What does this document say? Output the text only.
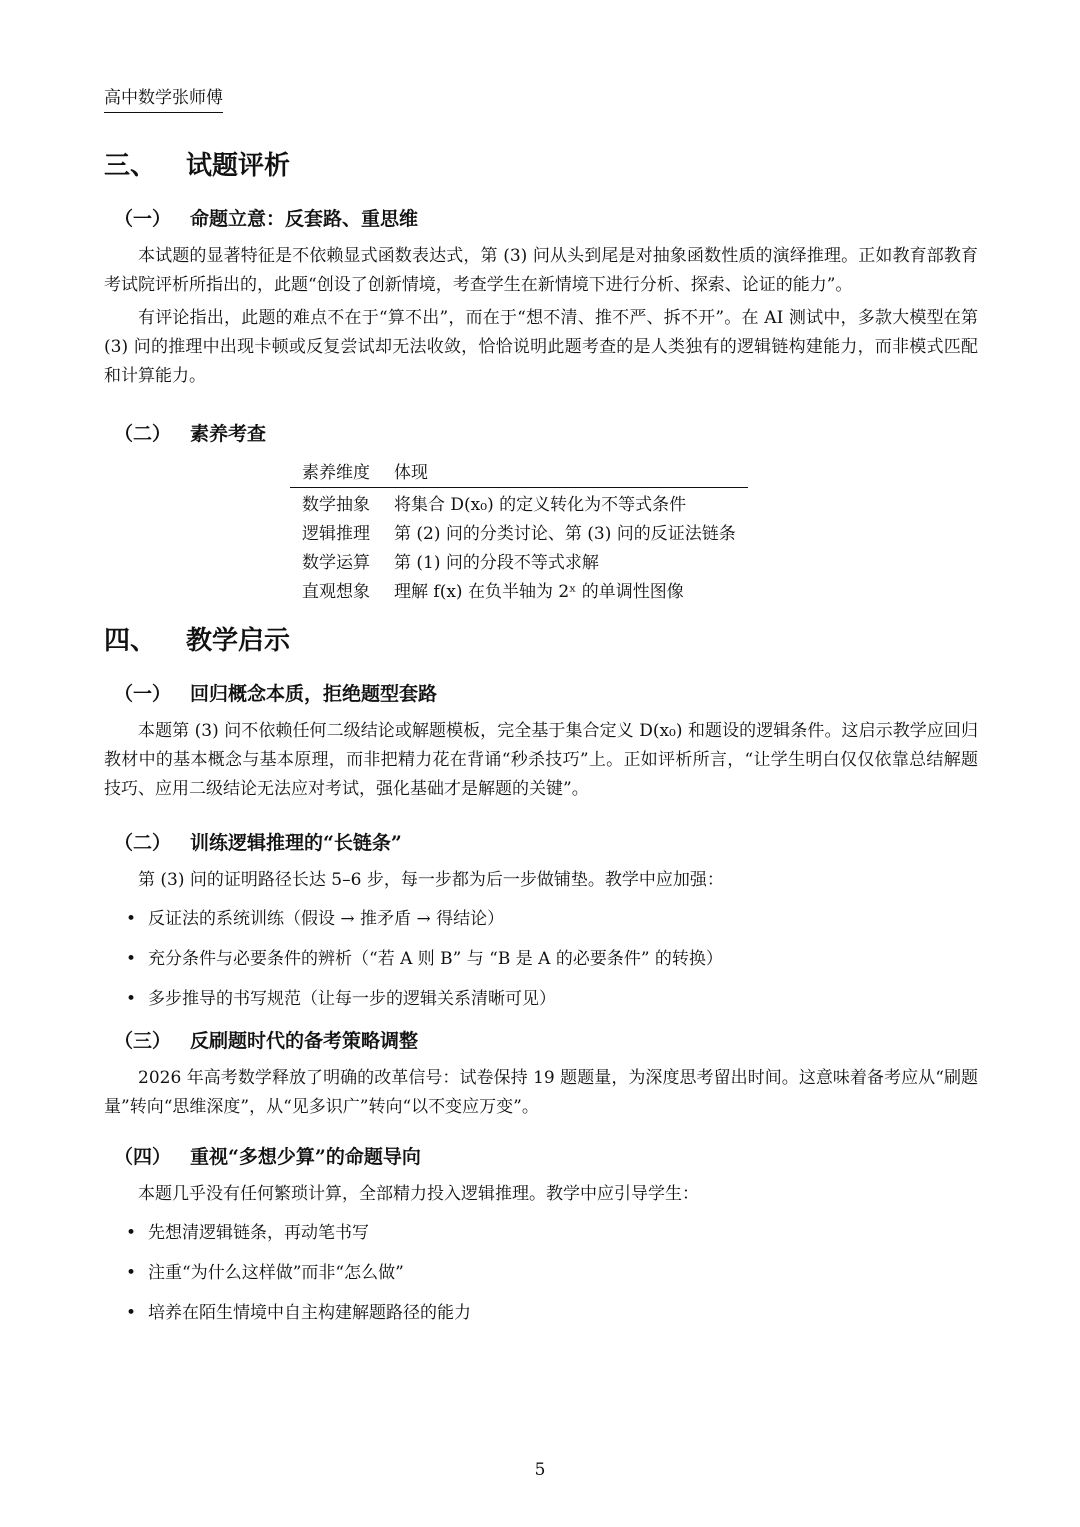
高中数学张师傅
三、	试题评析
（一） 命题立意：反套路、重思维

本试题的显著特征是不依赖显式函数表达式，第 (3) 问从头到尾是对抽象函数性质的演绎推理。正如教育部教育考试院评析所指出的，此题“创设了创新情境，考查学生在新情境下进行分析、探索、论证的能力”。

有评论指出，此题的难点不在于“算不出”，而在于“想不清、推不严、拆不开”。在 AI 测试中，多款大模型在第 (3) 问的推理中出现卡顿或反复尝试却无法收敛，恰恰说明此题考查的是人类独有的逻辑链构建能力，而非模式匹配和计算能力。

（二） 素养考查
素养维度	体现
数学抽象	将集合 D(x₀) 的定义转化为不等式条件
逻辑推理	第 (2) 问的分类讨论、第 (3) 问的反证法链条
数学运算	第 (1) 问的分段不等式求解
直观想象	理解 f(x) 在负半轴为 2ˣ 的单调性图像
四、	教学启示
（一） 回归概念本质，拒绝题型套路

本题第 (3) 问不依赖任何二级结论或解题模板，完全基于集合定义 D(x₀) 和题设的逻辑条件。这启示教学应回归教材中的基本概念与基本原理，而非把精力花在背诵“秒杀技巧”上。正如评析所言，“让学生明白仅仅依靠总结解题技巧、应用二级结论无法应对考试，强化基础才是解题的关键”。

（二） 训练逻辑推理的“长链条”

第 (3) 问的证明路径长达 5–6 步，每一步都为后一步做铺垫。教学中应加强：

• 反证法的系统训练（假设 → 推矛盾 → 得结论）
• 充分条件与必要条件的辨析（“若 A 则 B” 与 “B 是 A 的必要条件” 的转换）
• 多步推导的书写规范（让每一步的逻辑关系清晰可见）
（三） 反刷题时代的备考策略调整

2026 年高考数学释放了明确的改革信号：试卷保持 19 题题量，为深度思考留出时间。这意味着备考应从“刷题量”转向“思维深度”，从“见多识广”转向“以不变应万变”。

（四） 重视“多想少算”的命题导向

本题几乎没有任何繁琐计算，全部精力投入逻辑推理。教学中应引导学生：

• 先想清逻辑链条，再动笔书写
• 注重“为什么这样做”而非“怎么做”
• 培养在陌生情境中自主构建解题路径的能力
5
